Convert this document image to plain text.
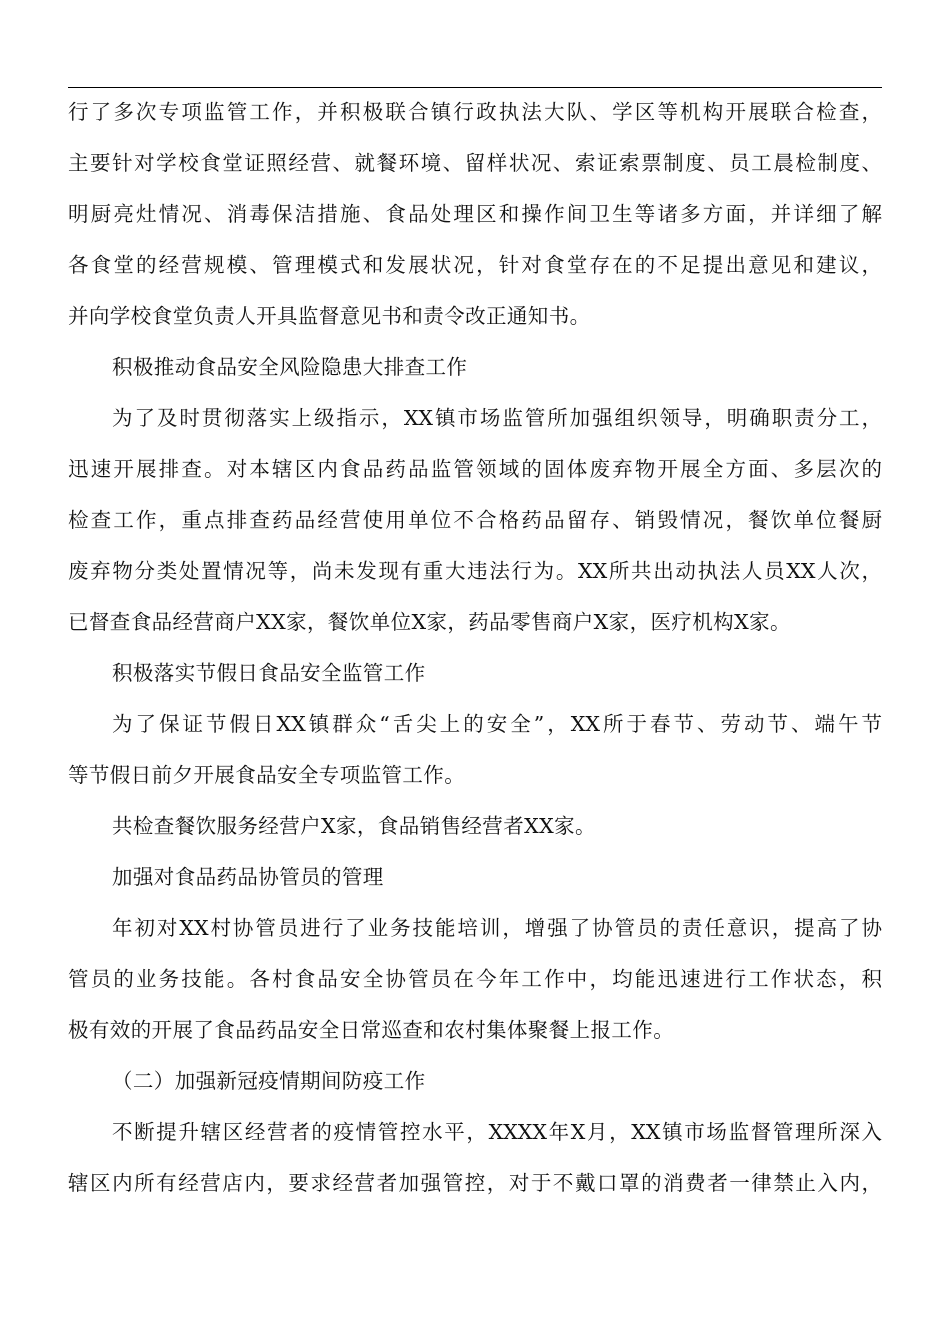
行了多次专项监管工作，并积极联合镇行政执法大队、学区等机构开展联合检查，
主要针对学校食堂证照经营、就餐环境、留样状况、索证索票制度、员工晨检制度、
明厨亮灶情况、消毒保洁措施、食品处理区和操作间卫生等诸多方面，并详细了解
各食堂的经营规模、管理模式和发展状况，针对食堂存在的不足提出意见和建议，
并向学校食堂负责人开具监督意见书和责令改正通知书。
积极推动食品安全风险隐患大排查工作
为了及时贯彻落实上级指示，XX镇市场监管所加强组织领导，明确职责分工，
迅速开展排查。对本辖区内食品药品监管领域的固体废弃物开展全方面、多层次的
检查工作，重点排查药品经营使用单位不合格药品留存、销毁情况，餐饮单位餐厨
废弃物分类处置情况等，尚未发现有重大违法行为。XX所共出动执法人员XX人次，
已督查食品经营商户XX家，餐饮单位X家，药品零售商户X家，医疗机构X家。
积极落实节假日食品安全监管工作
为了保证节假日XX镇群众“舌尖上的安全”，XX所于春节、劳动节、端午节
等节假日前夕开展食品安全专项监管工作。
共检查餐饮服务经营户X家，食品销售经营者XX家。
加强对食品药品协管员的管理
年初对XX村协管员进行了业务技能培训，增强了协管员的责任意识，提高了协
管员的业务技能。各村食品安全协管员在今年工作中，均能迅速进行工作状态，积
极有效的开展了食品药品安全日常巡查和农村集体聚餐上报工作。
（二）加强新冠疫情期间防疫工作
不断提升辖区经营者的疫情管控水平，XXXX年X月，XX镇市场监督管理所深入
辖区内所有经营店内，要求经营者加强管控，对于不戴口罩的消费者一律禁止入内，
